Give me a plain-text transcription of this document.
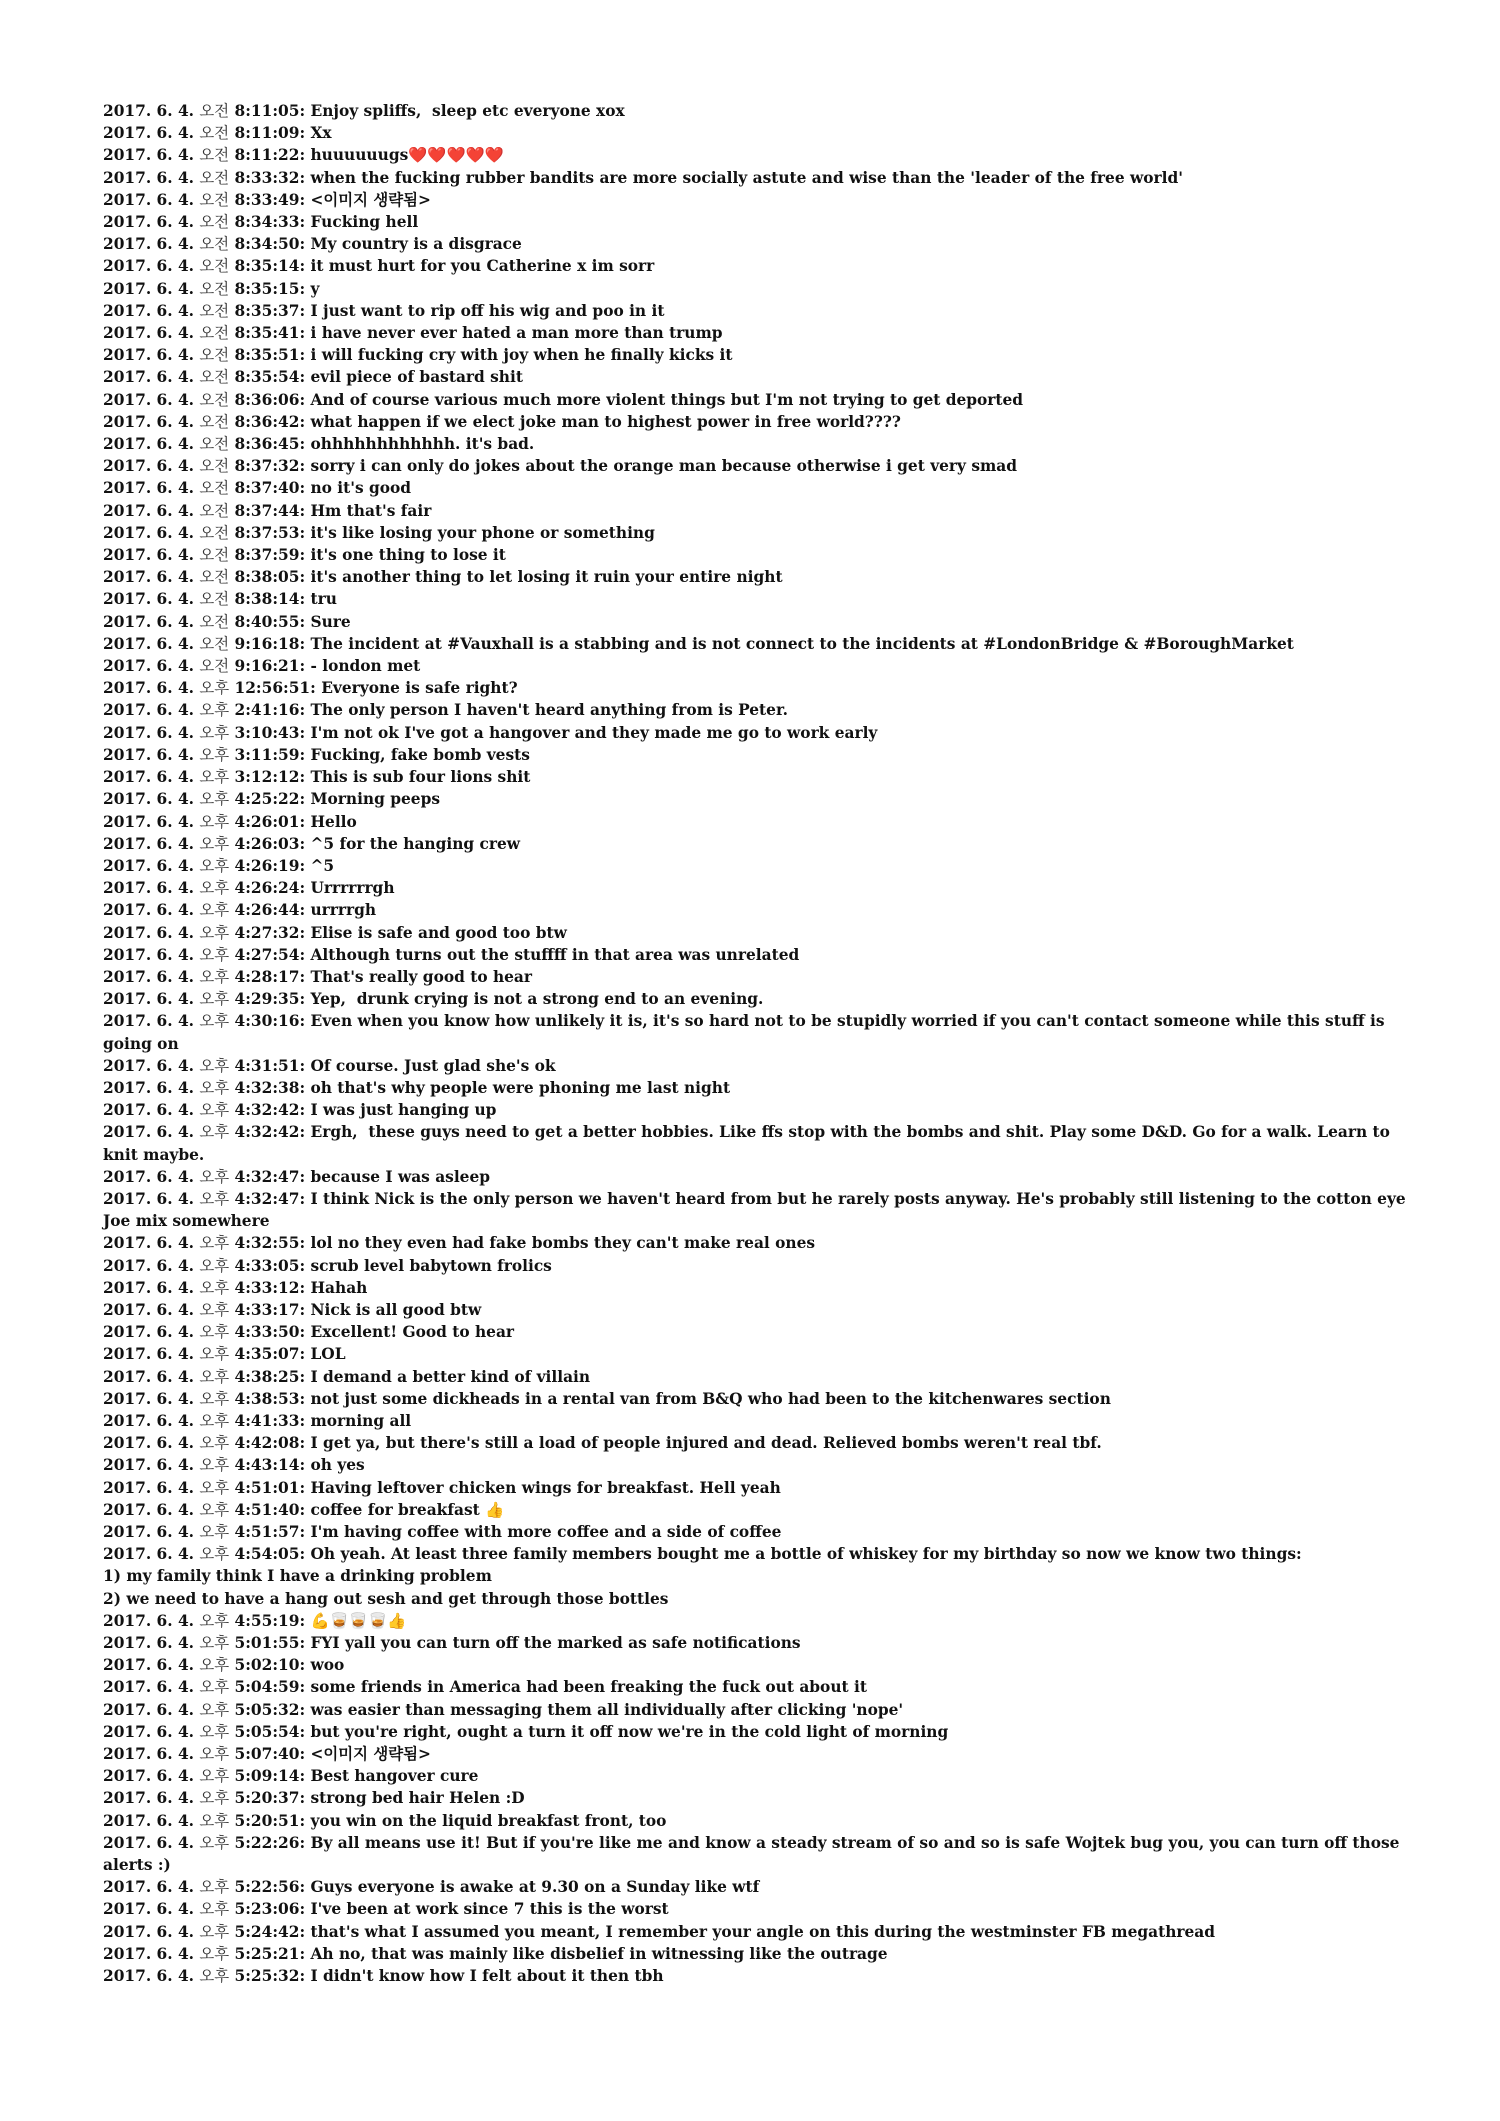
2017. 6. 4. 오전 8:11:05: Enjoy spliffs,  sleep etc everyone xox
2017. 6. 4. 오전 8:11:09: Xx
2017. 6. 4. 오전 8:11:22: huuuuuugs❤️❤️❤️❤️❤️
2017. 6. 4. 오전 8:33:32: when the fucking rubber bandits are more socially astute and wise than the 'leader of the free world'
2017. 6. 4. 오전 8:33:49: <이미지 생략됨>
2017. 6. 4. 오전 8:34:33: Fucking hell
2017. 6. 4. 오전 8:34:50: My country is a disgrace
2017. 6. 4. 오전 8:35:14: it must hurt for you Catherine x im sorr
2017. 6. 4. 오전 8:35:15: y
2017. 6. 4. 오전 8:35:37: I just want to rip off his wig and poo in it
2017. 6. 4. 오전 8:35:41: i have never ever hated a man more than trump
2017. 6. 4. 오전 8:35:51: i will fucking cry with joy when he finally kicks it
2017. 6. 4. 오전 8:35:54: evil piece of bastard shit
2017. 6. 4. 오전 8:36:06: And of course various much more violent things but I'm not trying to get deported
2017. 6. 4. 오전 8:36:42: what happen if we elect joke man to highest power in free world????
2017. 6. 4. 오전 8:36:45: ohhhhhhhhhhhh. it's bad.
2017. 6. 4. 오전 8:37:32: sorry i can only do jokes about the orange man because otherwise i get very smad
2017. 6. 4. 오전 8:37:40: no it's good
2017. 6. 4. 오전 8:37:44: Hm that's fair
2017. 6. 4. 오전 8:37:53: it's like losing your phone or something
2017. 6. 4. 오전 8:37:59: it's one thing to lose it
2017. 6. 4. 오전 8:38:05: it's another thing to let losing it ruin your entire night
2017. 6. 4. 오전 8:38:14: tru
2017. 6. 4. 오전 8:40:55: Sure
2017. 6. 4. 오전 9:16:18: The incident at #Vauxhall is a stabbing and is not connect to the incidents at #LondonBridge & #BoroughMarket
2017. 6. 4. 오전 9:16:21: - london met
2017. 6. 4. 오후 12:56:51: Everyone is safe right?
2017. 6. 4. 오후 2:41:16: The only person I haven't heard anything from is Peter.
2017. 6. 4. 오후 3:10:43: I'm not ok I've got a hangover and they made me go to work early
2017. 6. 4. 오후 3:11:59: Fucking, fake bomb vests
2017. 6. 4. 오후 3:12:12: This is sub four lions shit
2017. 6. 4. 오후 4:25:22: Morning peeps
2017. 6. 4. 오후 4:26:01: Hello
2017. 6. 4. 오후 4:26:03: ^5 for the hanging crew
2017. 6. 4. 오후 4:26:19: ^5
2017. 6. 4. 오후 4:26:24: Urrrrrrgh
2017. 6. 4. 오후 4:26:44: urrrrgh
2017. 6. 4. 오후 4:27:32: Elise is safe and good too btw
2017. 6. 4. 오후 4:27:54: Although turns out the stuffff in that area was unrelated
2017. 6. 4. 오후 4:28:17: That's really good to hear
2017. 6. 4. 오후 4:29:35: Yep,  drunk crying is not a strong end to an evening.
2017. 6. 4. 오후 4:30:16: Even when you know how unlikely it is, it's so hard not to be stupidly worried if you can't contact someone while this stuff is going on
2017. 6. 4. 오후 4:31:51: Of course. Just glad she's ok
2017. 6. 4. 오후 4:32:38: oh that's why people were phoning me last night
2017. 6. 4. 오후 4:32:42: I was just hanging up
2017. 6. 4. 오후 4:32:42: Ergh,  these guys need to get a better hobbies. Like ffs stop with the bombs and shit. Play some D&D. Go for a walk. Learn to knit maybe.
2017. 6. 4. 오후 4:32:47: because I was asleep
2017. 6. 4. 오후 4:32:47: I think Nick is the only person we haven't heard from but he rarely posts anyway. He's probably still listening to the cotton eye Joe mix somewhere
2017. 6. 4. 오후 4:32:55: lol no they even had fake bombs they can't make real ones
2017. 6. 4. 오후 4:33:05: scrub level babytown frolics
2017. 6. 4. 오후 4:33:12: Hahah
2017. 6. 4. 오후 4:33:17: Nick is all good btw
2017. 6. 4. 오후 4:33:50: Excellent! Good to hear
2017. 6. 4. 오후 4:35:07: LOL
2017. 6. 4. 오후 4:38:25: I demand a better kind of villain
2017. 6. 4. 오후 4:38:53: not just some dickheads in a rental van from B&Q who had been to the kitchenwares section
2017. 6. 4. 오후 4:41:33: morning all
2017. 6. 4. 오후 4:42:08: I get ya, but there's still a load of people injured and dead. Relieved bombs weren't real tbf.
2017. 6. 4. 오후 4:43:14: oh yes
2017. 6. 4. 오후 4:51:01: Having leftover chicken wings for breakfast. Hell yeah
2017. 6. 4. 오후 4:51:40: coffee for breakfast 👍
2017. 6. 4. 오후 4:51:57: I'm having coffee with more coffee and a side of coffee
2017. 6. 4. 오후 4:54:05: Oh yeah. At least three family members bought me a bottle of whiskey for my birthday so now we know two things:
1) my family think I have a drinking problem
2) we need to have a hang out sesh and get through those bottles
2017. 6. 4. 오후 4:55:19: 💪🥃🥃🥃👍
2017. 6. 4. 오후 5:01:55: FYI yall you can turn off the marked as safe notifications
2017. 6. 4. 오후 5:02:10: woo
2017. 6. 4. 오후 5:04:59: some friends in America had been freaking the fuck out about it
2017. 6. 4. 오후 5:05:32: was easier than messaging them all individually after clicking 'nope'
2017. 6. 4. 오후 5:05:54: but you're right, ought a turn it off now we're in the cold light of morning
2017. 6. 4. 오후 5:07:40: <이미지 생략됨>
2017. 6. 4. 오후 5:09:14: Best hangover cure
2017. 6. 4. 오후 5:20:37: strong bed hair Helen :D
2017. 6. 4. 오후 5:20:51: you win on the liquid breakfast front, too
2017. 6. 4. 오후 5:22:26: By all means use it! But if you're like me and know a steady stream of so and so is safe Wojtek bug you, you can turn off those alerts :)
2017. 6. 4. 오후 5:22:56: Guys everyone is awake at 9.30 on a Sunday like wtf
2017. 6. 4. 오후 5:23:06: I've been at work since 7 this is the worst
2017. 6. 4. 오후 5:24:42: that's what I assumed you meant, I remember your angle on this during the westminster FB megathread
2017. 6. 4. 오후 5:25:21: Ah no, that was mainly like disbelief in witnessing like the outrage
2017. 6. 4. 오후 5:25:32: I didn't know how I felt about it then tbh
